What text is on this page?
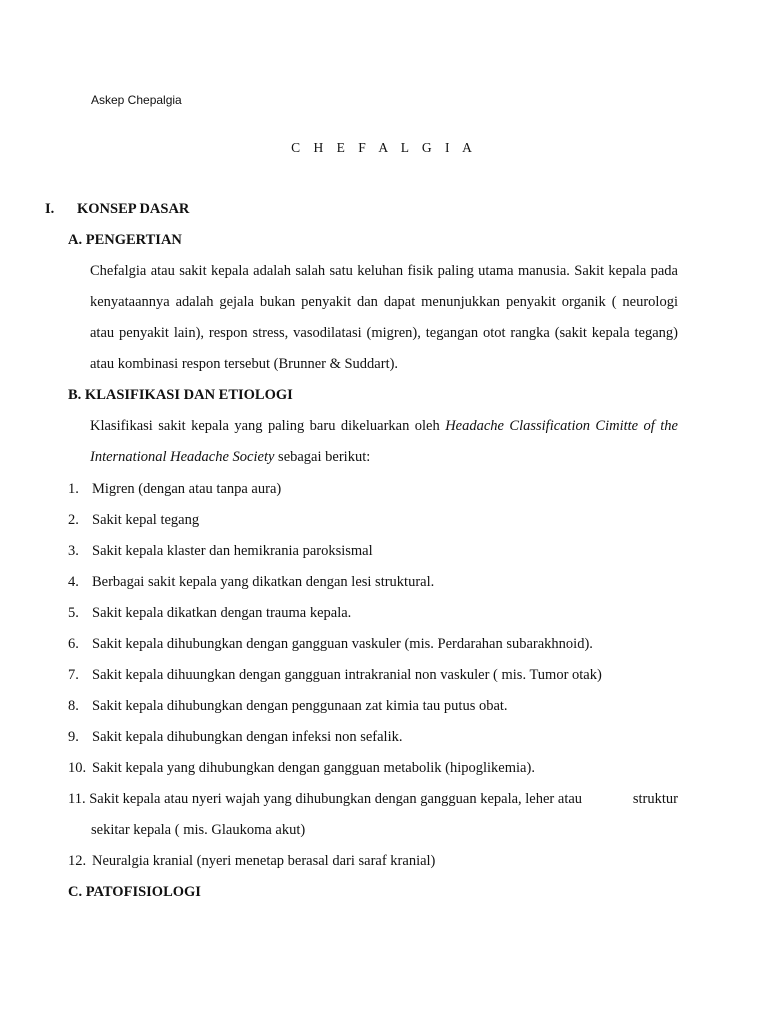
Askep Chepalgia
C H E F A L G I A
I. KONSEP DASAR
A. PENGERTIAN
Chefalgia atau sakit kepala adalah salah satu keluhan fisik paling utama manusia. Sakit kepala pada kenyataannya adalah gejala bukan penyakit dan dapat menunjukkan penyakit organik ( neurologi atau penyakit lain), respon stress, vasodilatasi (migren), tegangan otot rangka (sakit kepala tegang) atau kombinasi respon tersebut (Brunner & Suddart).
B. KLASIFIKASI DAN ETIOLOGI
Klasifikasi sakit kepala yang paling baru dikeluarkan oleh Headache Classification Cimitte of the International Headache Society sebagai berikut:
1. Migren (dengan atau tanpa aura)
2. Sakit kepal tegang
3. Sakit kepala klaster dan hemikrania paroksismal
4. Berbagai sakit kepala yang dikatkan dengan lesi struktural.
5. Sakit kepala dikatkan dengan trauma kepala.
6. Sakit kepala dihubungkan dengan gangguan vaskuler (mis. Perdarahan subarakhnoid).
7. Sakit kepala dihuungkan dengan gangguan intrakranial non vaskuler ( mis. Tumor otak)
8. Sakit kepala dihubungkan dengan penggunaan zat kimia tau putus obat.
9. Sakit kepala dihubungkan dengan infeksi non sefalik.
10. Sakit kepala yang dihubungkan dengan gangguan metabolik (hipoglikemia).
11. Sakit kepala atau nyeri wajah yang dihubungkan dengan gangguan kepala, leher atau	struktur
sekitar kepala ( mis. Glaukoma akut)
12. Neuralgia kranial (nyeri menetap berasal dari saraf kranial)
C. PATOFISIOLOGI
